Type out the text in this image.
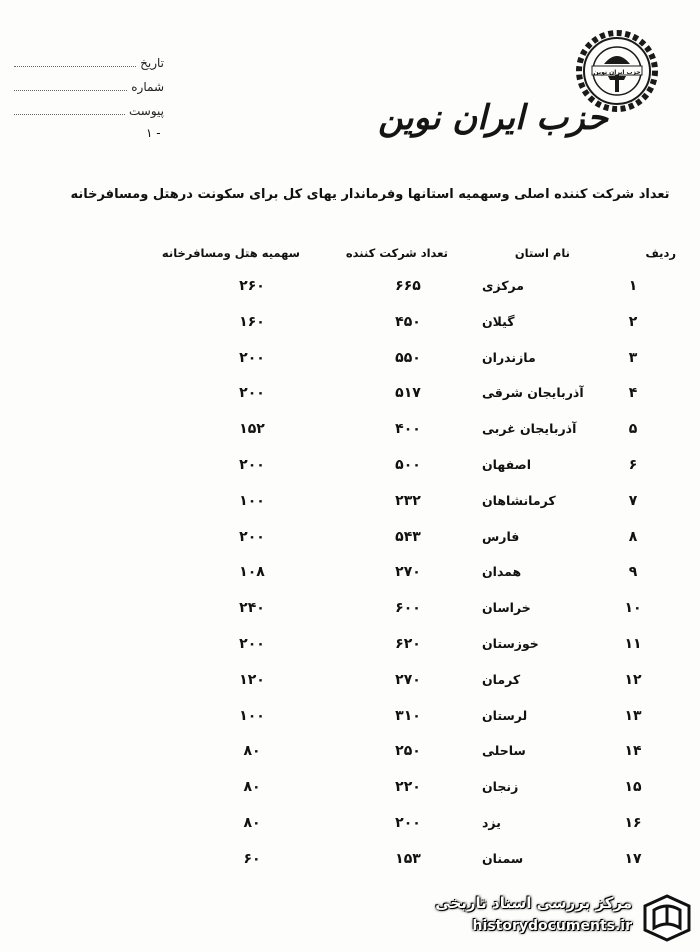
حزب ایران نوین
حزب ایران نوین
تاریخ
شماره
پیوست
۱ -
تعداد شرکت کننده اصلی وسهمیه استانها وفرماندار یهای کل برای سکونت درهتل ومسافرخانه
ردیف
نام استان
تعداد شرکت کننده
سهمیه هتل ومسافرخانه
۱
مرکزی
۶۶۵
۲۶۰
۲
گیلان
۴۵۰
۱۶۰
۳
مازندران
۵۵۰
۲۰۰
۴
آذربایجان شرقی
۵۱۷
۲۰۰
۵
آذربایجان غربی
۴۰۰
۱۵۲
۶
اصفهان
۵۰۰
۲۰۰
۷
کرمانشاهان
۲۳۲
۱۰۰
۸
فارس
۵۴۳
۲۰۰
۹
همدان
۲۷۰
۱۰۸
۱۰
خراسان
۶۰۰
۲۴۰
۱۱
خوزستان
۶۲۰
۲۰۰
۱۲
کرمان
۲۷۰
۱۲۰
۱۳
لرستان
۳۱۰
۱۰۰
۱۴
ساحلی
۲۵۰
۸۰
۱۵
زنجان
۲۲۰
۸۰
۱۶
یزد
۲۰۰
۸۰
۱۷
سمنان
۱۵۳
۶۰
مرکز بررسی اسناد تاریخی
historydocuments.ir
